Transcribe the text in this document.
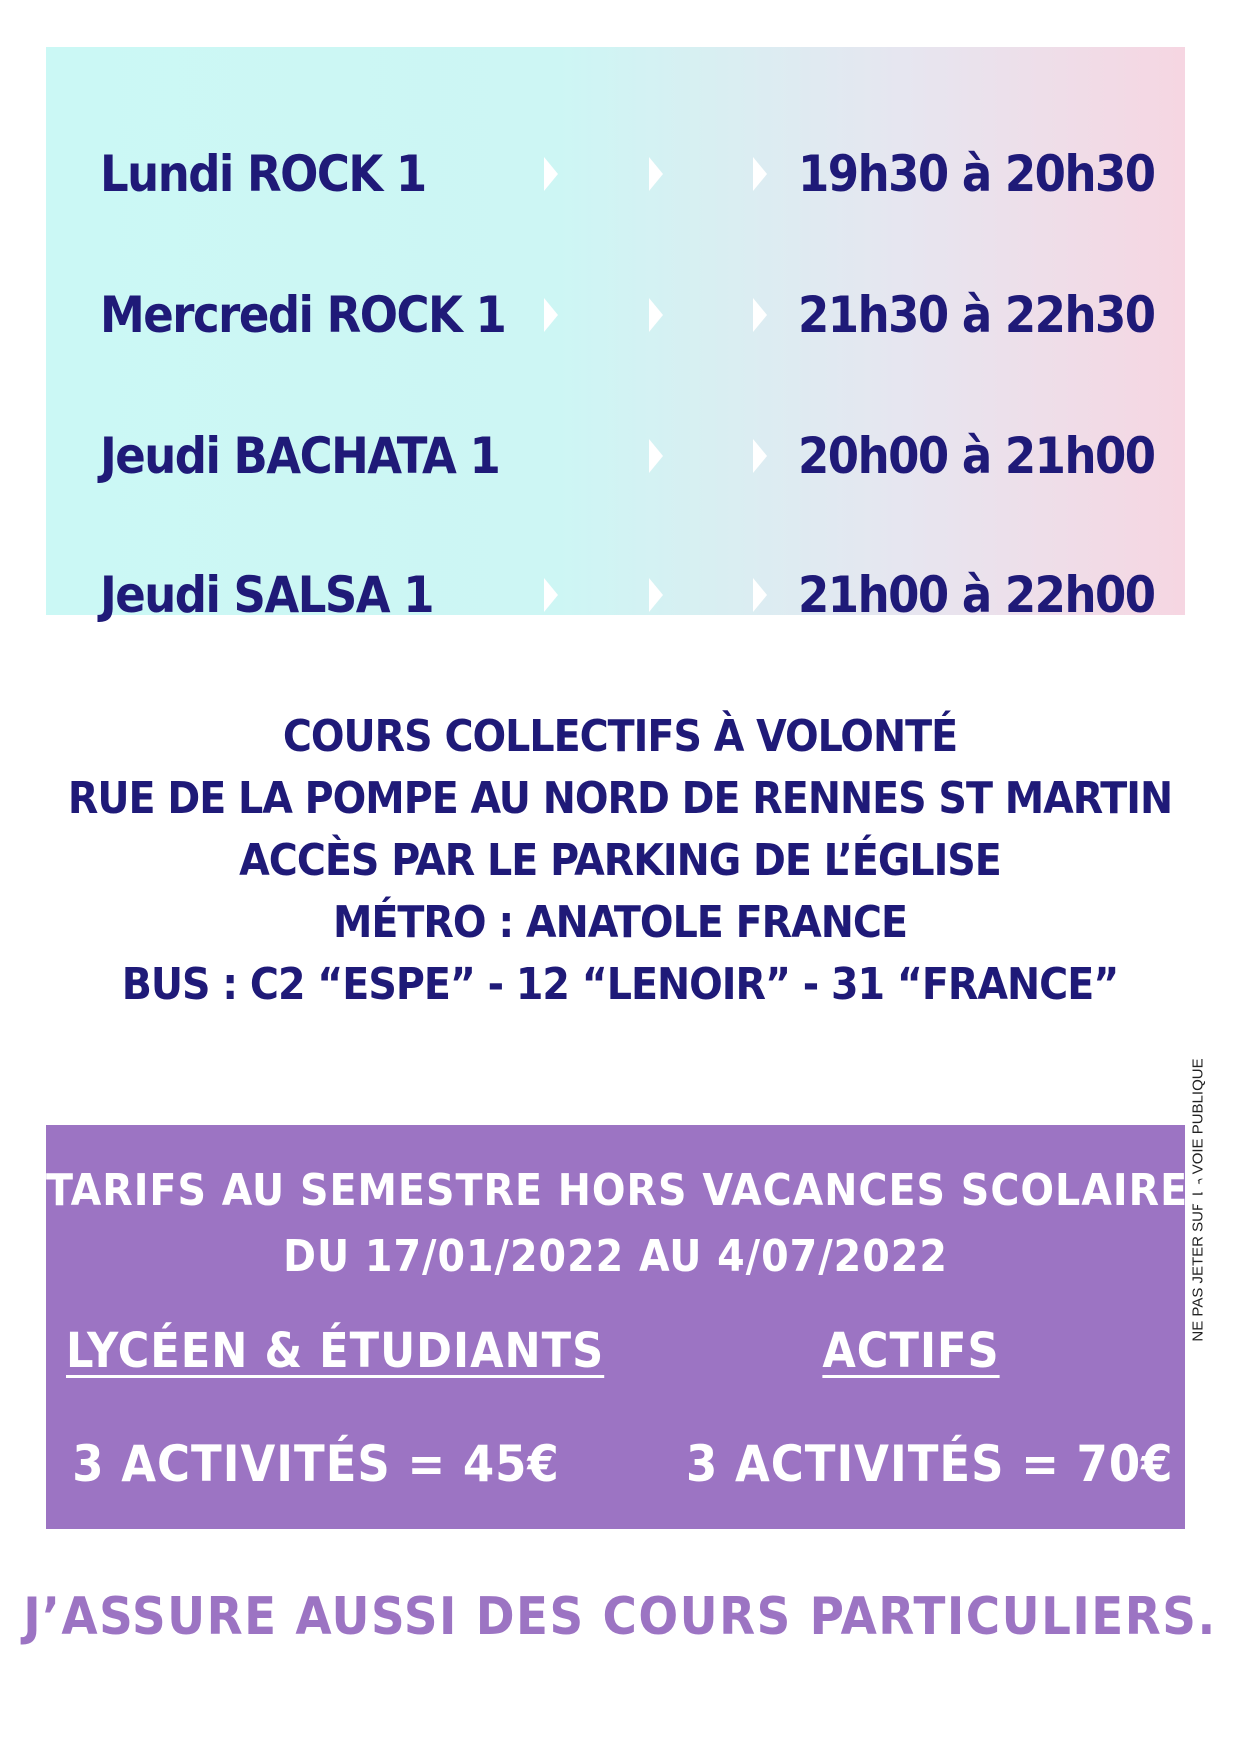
Lundi ROCK 1	19h30 à 20h30
Mercredi ROCK 1	21h30 à 22h30
Jeudi BACHATA 1	20h00 à 21h00
Jeudi SALSA 1	21h00 à 22h00
COURS COLLECTIFS À VOLONTÉ
RUE DE LA POMPE AU NORD DE RENNES ST MARTIN
ACCÈS PAR LE PARKING DE L’ÉGLISE
MÉTRO : ANATOLE FRANCE
BUS : C2 “ESPE” - 12 “LENOIR” - 31 “FRANCE”
NE PAS JETER SUR LA VOIE PUBLIQUE
TARIFS AU SEMESTRE HORS VACANCES SCOLAIRES
DU 17/01/2022 AU 4/07/2022
LYCÉEN & ÉTUDIANTS	ACTIFS
3 ACTIVITÉS = 45€	3 ACTIVITÉS = 70€
J’ASSURE AUSSI DES COURS PARTICULIERS.
